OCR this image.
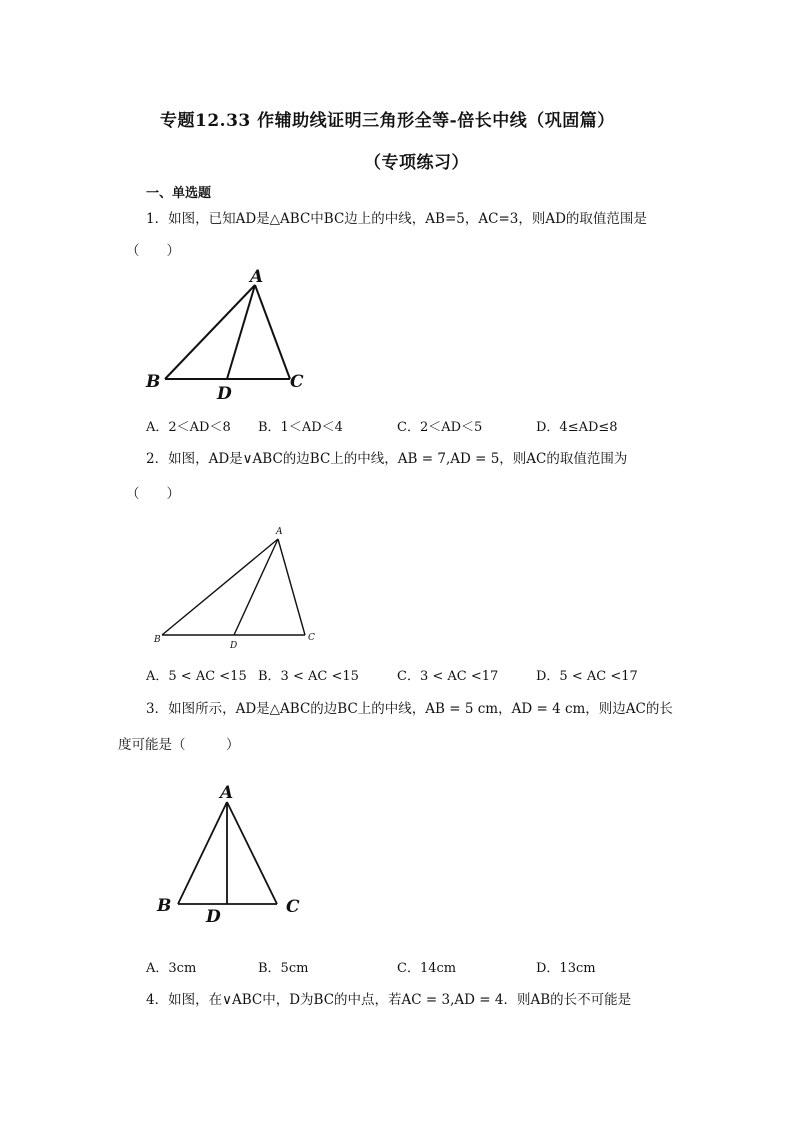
专题12.33 作辅助线证明三角形全等-倍长中线（巩固篇）
（专项练习）
一、单选题
1．如图，已知AD是△ABC中BC边上的中线，AB=5，AC=3，则AD的取值范围是
（　　）
A
B	C
D
A．2＜AD＜8 B．1＜AD＜4	C．2＜AD＜5	D．4≤AD≤8
2．如图，AD是∨ABC的边BC上的中线，AB = 7,AD = 5，则AC的取值范围为
（　　）
A
B	C
D
A．5 < AC <15 B．3 < AC <15	C．3 < AC <17	D．5 < AC <17
3．如图所示，AD是△ABC的边BC上的中线，AB = 5 cm，AD = 4 cm，则边AC的长
度可能是（　　　）
A
B	C
D
A．3cm	B．5cm	C．14cm	D．13cm
4．如图，在∨ABC中，D为BC的中点，若AC = 3,AD = 4．则AB的长不可能是
